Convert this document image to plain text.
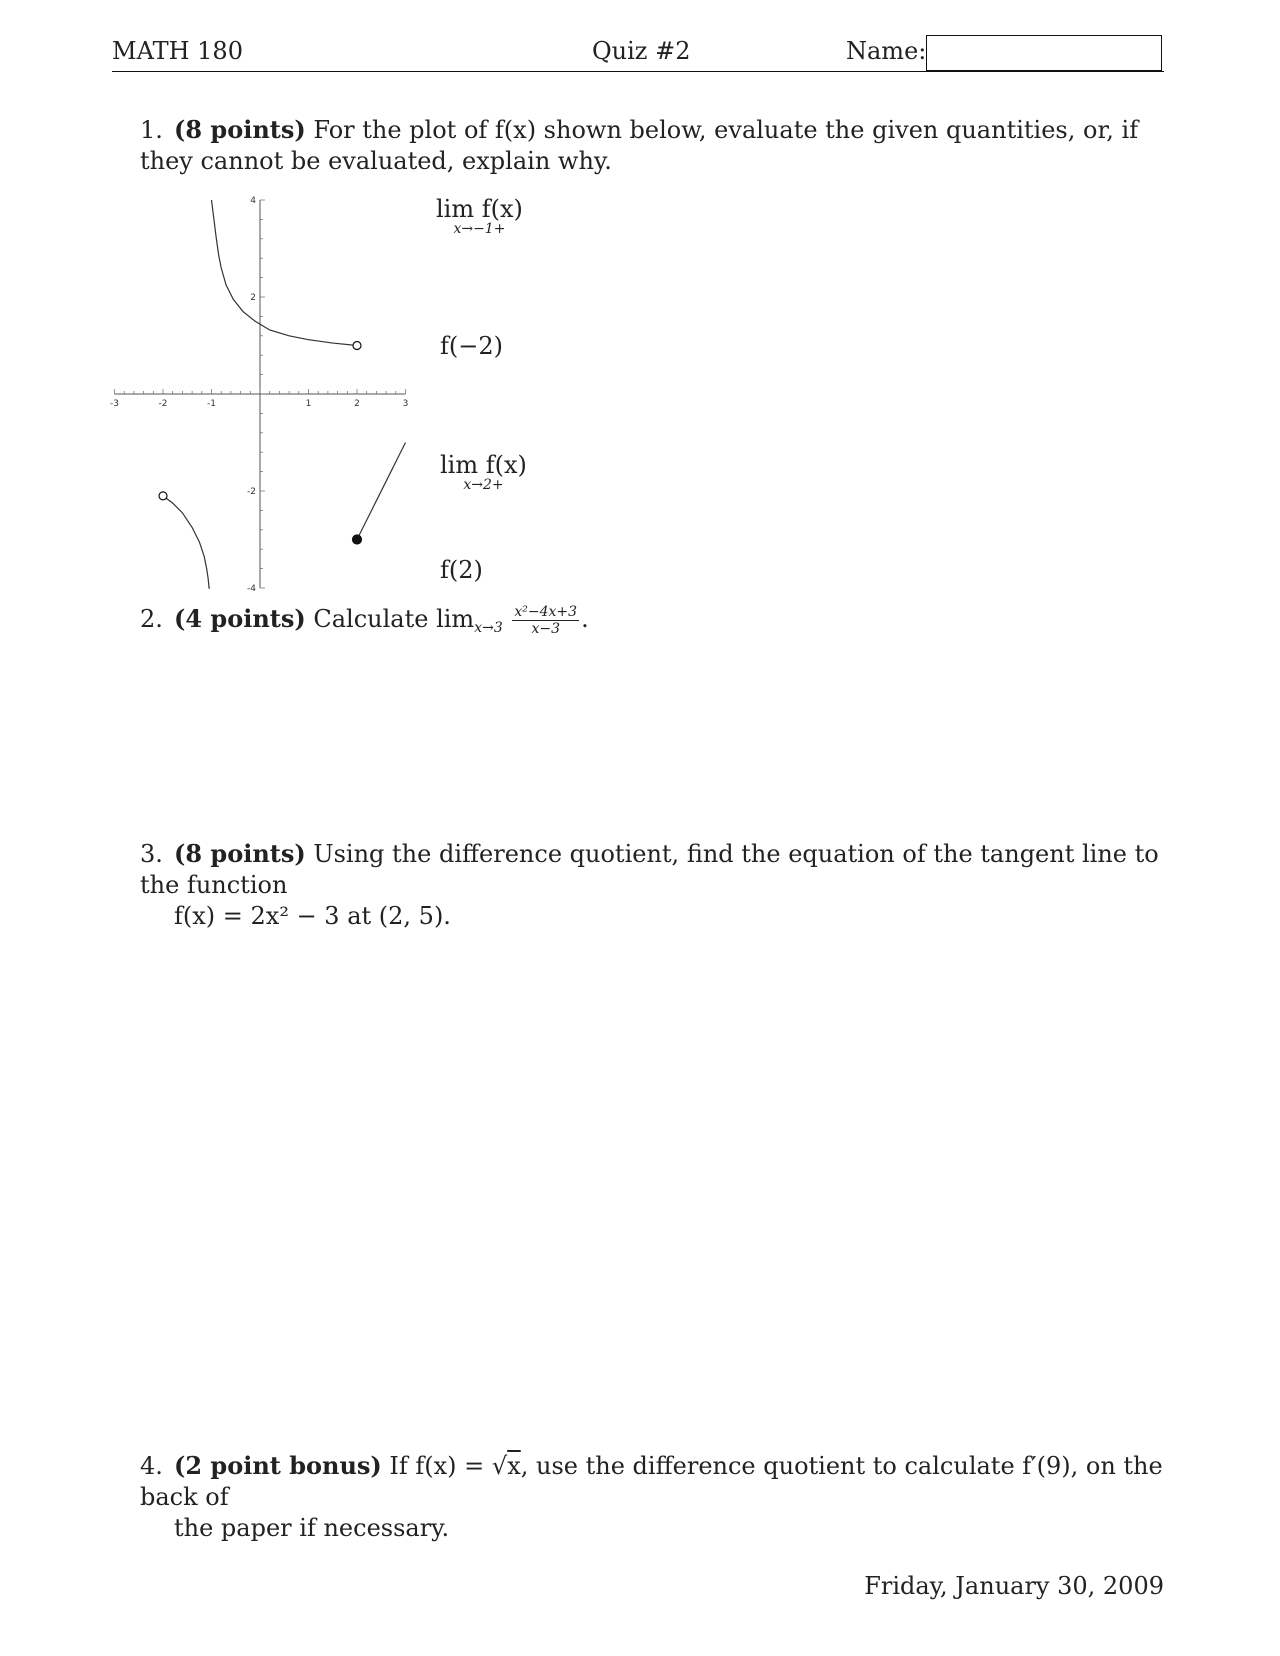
MATH 180	Quiz #2	Name:
1. (8 points) For the plot of f(x) shown below, evaluate the given quantities, or, if they cannot be evaluated, explain why.
-3	-2	-1	1	2	3
4
2
-2
-4
lim f(x)
x→−1+
f(−2)
lim f(x)
x→2+
f(2)
2. (4 points) Calculate $\lim_{x\to 3} \frac{\text{x²−4x+3}}{x-3}$ .
3. (8 points) Using the difference quotient, find the equation of the tangent line to the function
f(x) = 2x² − 3 at (2, 5).
4. (2 point bonus) If f(x) = √x, use the difference quotient to calculate f′(9), on the back of
the paper if necessary.
Friday, January 30, 2009
